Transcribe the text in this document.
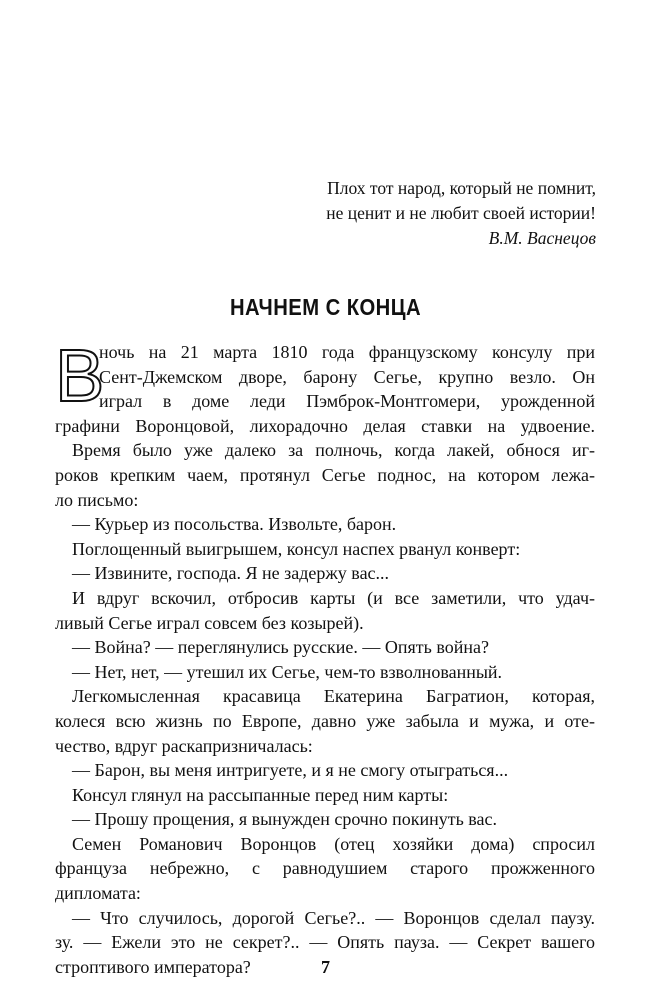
Плох тот народ, который не помнит,
не ценит и не любит своей истории!
В.М. Васнецов
НАЧНЕМ С КОНЦА
В
ночь на 21 марта 1810 года французскому консулу при
Сент-Джемском дворе, барону Сегье, крупно везло. Он
играл в доме леди Пэмброк-Монтгомери, урожденной
графини Воронцовой, лихорадочно делая ставки на удвоение.
Время было уже далеко за полночь, когда лакей, обнося иг-
роков крепким чаем, протянул Сегье поднос, на котором лежа-
ло письмо:
— Курьер из посольства. Извольте, барон.
Поглощенный выигрышем, консул наспех рванул конверт:
— Извините, господа. Я не задержу вас...
И вдруг вскочил, отбросив карты (и все заметили, что удач-
ливый Сегье играл совсем без козырей).
— Война? — переглянулись русские. — Опять война?
— Нет, нет, — утешил их Сегье, чем-то взволнованный.
Легкомысленная красавица Екатерина Багратион, которая,
колеся всю жизнь по Европе, давно уже забыла и мужа, и оте-
чество, вдруг раскапризничалась:
— Барон, вы меня интригуете, и я не смогу отыграться...
Консул глянул на рассыпанные перед ним карты:
— Прошу прощения, я вынужден срочно покинуть вас.
Семен Романович Воронцов (отец хозяйки дома) спросил
француза небрежно, с равнодушием старого прожженного
дипломата:
— Что случилось, дорогой Сегье?.. — Воронцов сделал паузу.
зу. — Ежели это не секрет?.. — Опять пауза. — Секрет вашего
строптивого императора?	7
